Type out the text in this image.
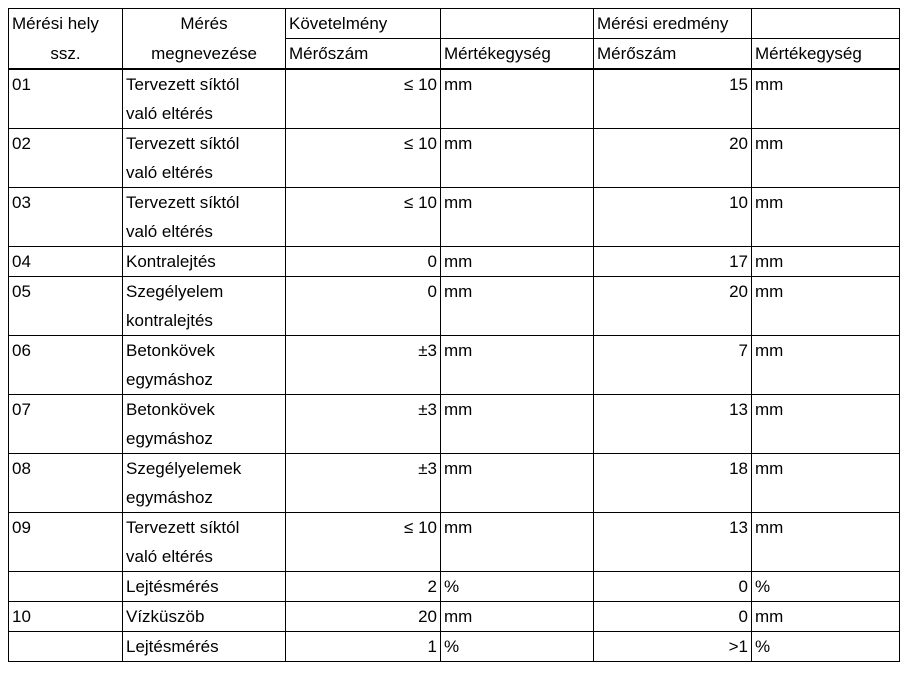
Mérési hely	Mérés	Követelmény		Mérési eredmény	
ssz.	megnevezése	Mérőszám	Mértékegység	Mérőszám	Mértékegység

01	Tervezett síktól
való eltérés	≤ 10	mm	15	mm

02	Tervezett síktól
való eltérés	≤ 10	mm	20	mm

03	Tervezett síktól
való eltérés	≤ 10	mm	10	mm

04	Kontralejtés	0	mm	17	mm

05	Szegélyelem
kontralejtés	0	mm	20	mm

06	Betonkövek
egymáshoz	±3	mm	7	mm

07	Betonkövek
egymáshoz	±3	mm	13	mm

08	Szegélyelemek
egymáshoz	±3	mm	18	mm

09	Tervezett síktól
való eltérés	≤ 10	mm	13	mm

	Lejtésmérés	2	%	0	%

10	Vízküszöb	20	mm	0	mm

	Lejtésmérés	1	%	>1	%
